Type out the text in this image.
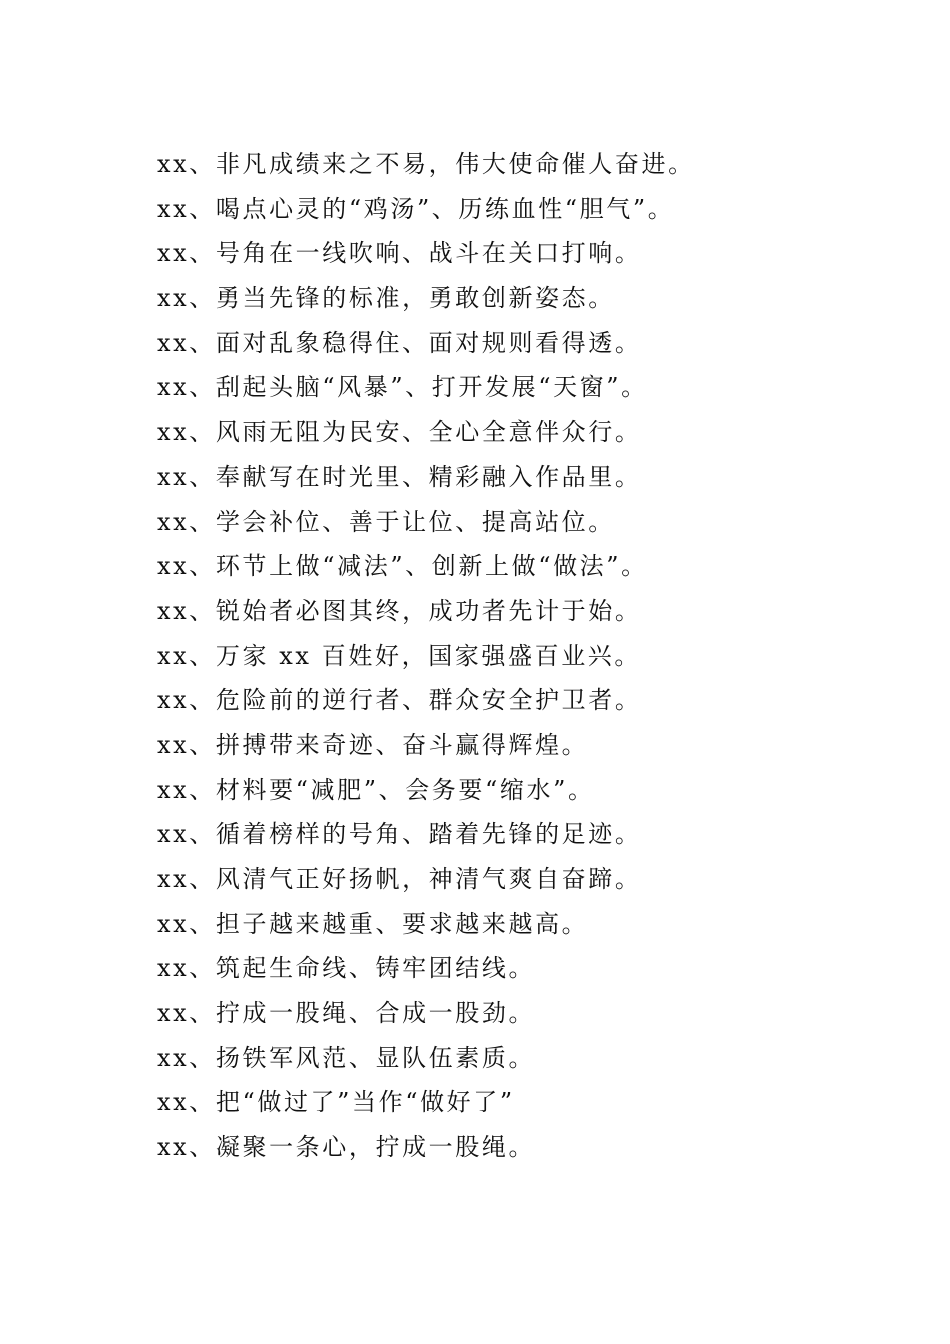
xx、非凡成绩来之不易，伟大使命催人奋进。
xx、喝点心灵的“鸡汤”、历练血性“胆气”。
xx、号角在一线吹响、战斗在关口打响。
xx、勇当先锋的标准，勇敢创新姿态。
xx、面对乱象稳得住、面对规则看得透。
xx、刮起头脑“风暴”、打开发展“天窗”。
xx、风雨无阻为民安、全心全意伴众行。
xx、奉献写在时光里、精彩融入作品里。
xx、学会补位、善于让位、提高站位。
xx、环节上做“减法”、创新上做“做法”。
xx、锐始者必图其终，成功者先计于始。
xx、万家 xx 百姓好，国家强盛百业兴。
xx、危险前的逆行者、群众安全护卫者。
xx、拼搏带来奇迹、奋斗赢得辉煌。
xx、材料要“减肥”、会务要“缩水”。
xx、循着榜样的号角、踏着先锋的足迹。
xx、风清气正好扬帆，神清气爽自奋蹄。
xx、担子越来越重、要求越来越高。
xx、筑起生命线、铸牢团结线。
xx、拧成一股绳、合成一股劲。
xx、扬铁军风范、显队伍素质。
xx、把“做过了”当作“做好了”
xx、凝聚一条心，拧成一股绳。
